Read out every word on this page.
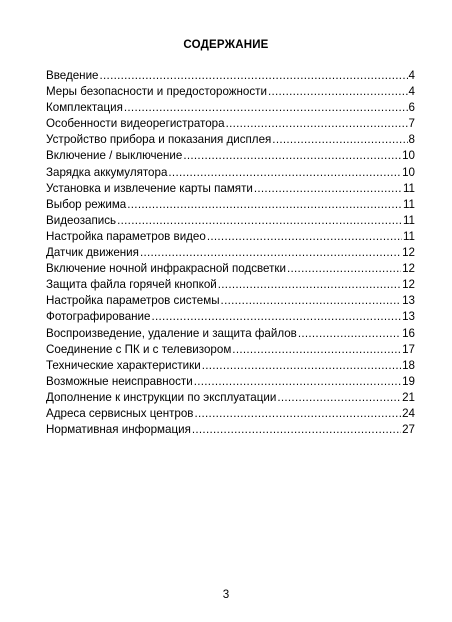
СОДЕРЖАНИЕ
Введение .....	4
Меры безопасности и предосторожности .....	4
Комплектация .....	6
Особенности видеорегистратора .....	7
Устройство прибора и показания дисплея .....	8
Включение / выключение .....	10
Зарядка аккумулятора .....	10
Установка и извлечение карты памяти .....	11
Выбор режима .....	11
Видеозапись .....	11
Настройка параметров видео .....	11
Датчик движения .....	12
Включение ночной инфракрасной подсветки .....	12
Защита файла горячей кнопкой .....	12
Настройка параметров системы .....	13
Фотографирование .....	13
Воспроизведение, удаление и защита файлов .....	16
Соединение с ПК и с телевизором .....	17
Технические характеристики .....	18
Возможные неисправности .....	19
Дополнение к инструкции по эксплуатации .....	21
Адреса сервисных центров .....	24
Нормативная информация .....	27
3
